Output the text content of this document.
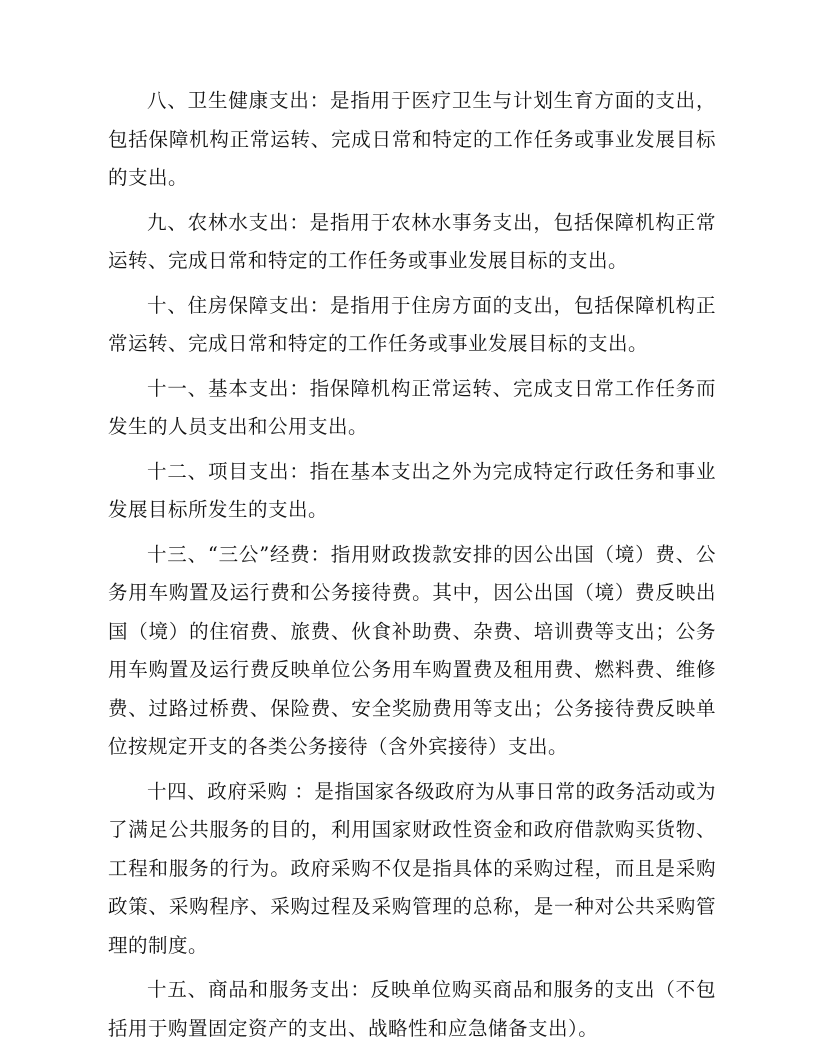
八、卫生健康支出：是指用于医疗卫生与计划生育方面的支出，包括保障机构正常运转、完成日常和特定的工作任务或事业发展目标的支出。

九、农林水支出：是指用于农林水事务支出，包括保障机构正常运转、完成日常和特定的工作任务或事业发展目标的支出。

十、住房保障支出：是指用于住房方面的支出，包括保障机构正常运转、完成日常和特定的工作任务或事业发展目标的支出。

十一、基本支出：指保障机构正常运转、完成支日常工作任务而发生的人员支出和公用支出。

十二、项目支出：指在基本支出之外为完成特定行政任务和事业发展目标所发生的支出。

十三、“三公”经费：指用财政拨款安排的因公出国（境）费、公务用车购置及运行费和公务接待费。其中，因公出国（境）费反映出国（境）的住宿费、旅费、伙食补助费、杂费、培训费等支出；公务用车购置及运行费反映单位公务用车购置费及租用费、燃料费、维修费、过路过桥费、保险费、安全奖励费用等支出；公务接待费反映单位按规定开支的各类公务接待（含外宾接待）支出。

十四、政府采购 ：是指国家各级政府为从事日常的政务活动或为了满足公共服务的目的，利用国家财政性资金和政府借款购买货物、工程和服务的行为。政府采购不仅是指具体的采购过程，而且是采购政策、采购程序、采购过程及采购管理的总称，是一种对公共采购管理的制度。

十五、商品和服务支出：反映单位购买商品和服务的支出（不包括用于购置固定资产的支出、战略性和应急储备支出）。
